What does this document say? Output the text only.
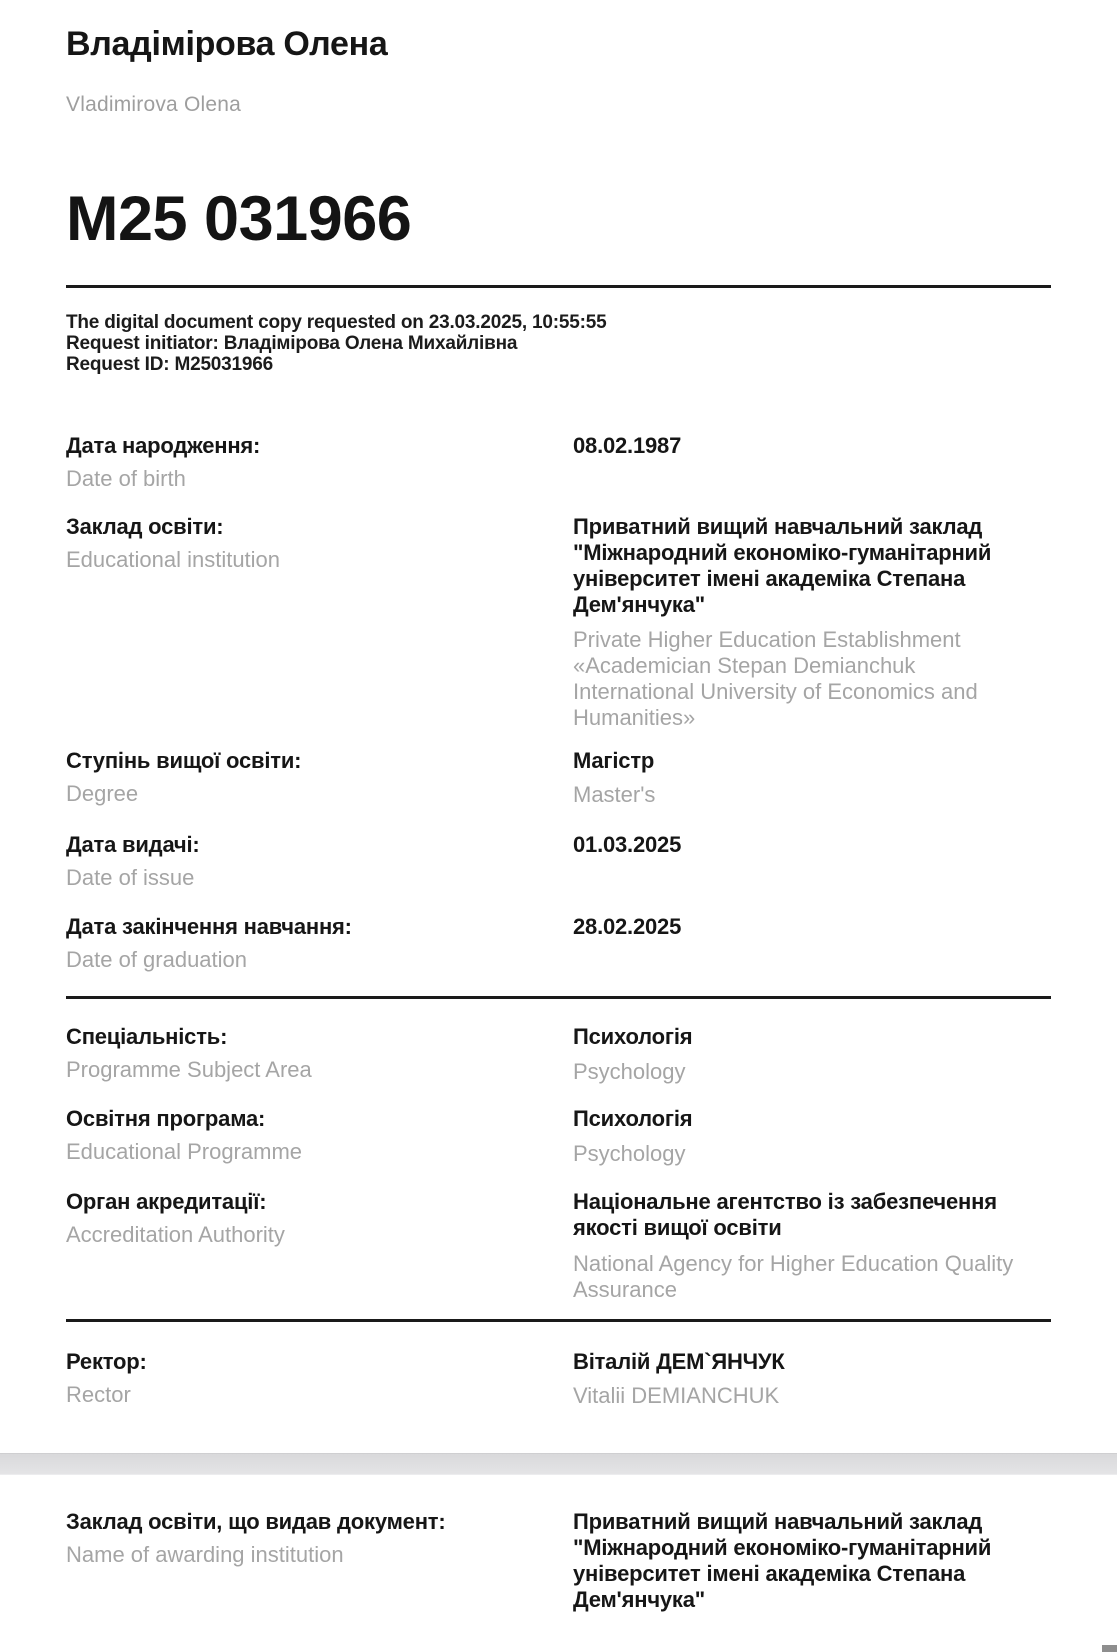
Владімірова Олена
Vladimirova Olena
M25 031966
The digital document copy requested on 23.03.2025, 10:55:55
Request initiator: Владімірова Олена Михайлівна
Request ID: M25031966
Дата народження:
Date of birth
08.02.1987
Заклад освіти:
Educational institution
Приватний вищий навчальний заклад "Міжнародний економіко-гуманітарний університет імені академіка Степана Дем'янчука"
Private Higher Education Establishment «Academician Stepan Demianchuk International University of Economics and Humanities»
Ступінь вищої освіти:
Degree
Магістр
Master's
Дата видачі:
Date of issue
01.03.2025
Дата закінчення навчання:
Date of graduation
28.02.2025
Спеціальність:
Programme Subject Area
Психологія
Psychology
Освітня програма:
Educational Programme
Психологія
Psychology
Орган акредитації:
Accreditation Authority
Національне агентство із забезпечення якості вищої освіти
National Agency for Higher Education Quality Assurance
Ректор:
Rector
Віталій ДЕМ`ЯНЧУК
Vitalii DEMIANCHUK
Заклад освіти, що видав документ:
Name of awarding institution
Приватний вищий навчальний заклад "Міжнародний економіко-гуманітарний університет імені академіка Степана Дем'янчука"
